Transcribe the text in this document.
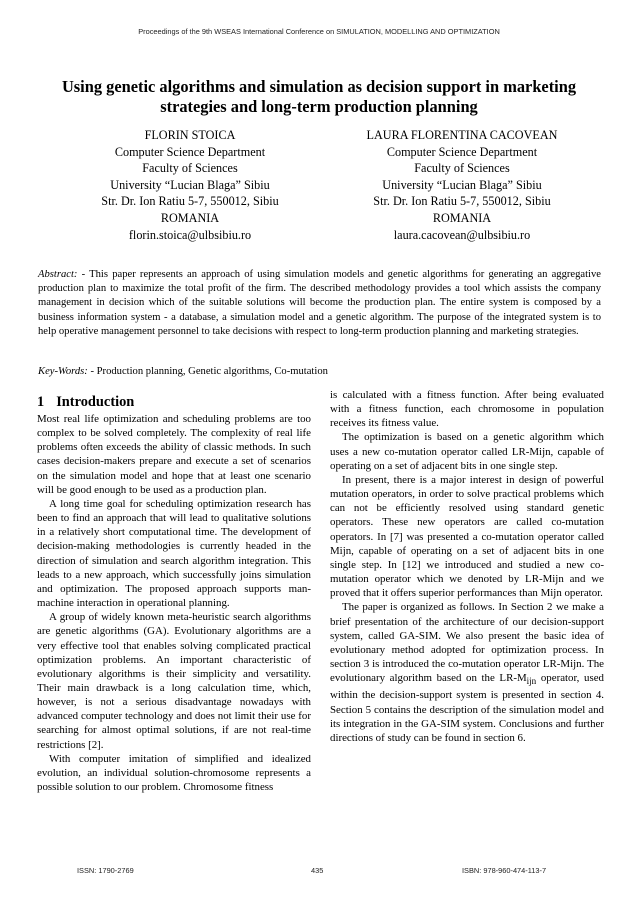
Proceedings of the 9th WSEAS International Conference on SIMULATION, MODELLING AND OPTIMIZATION
Using genetic algorithms and simulation as decision support in marketing strategies and long-term production planning
FLORIN STOICA
Computer Science Department
Faculty of Sciences
University “Lucian Blaga” Sibiu
Str. Dr. Ion Ratiu 5-7, 550012, Sibiu
ROMANIA
florin.stoica@ulbsibiu.ro
LAURA FLORENTINA CACOVEAN
Computer Science Department
Faculty of Sciences
University “Lucian Blaga” Sibiu
Str. Dr. Ion Ratiu 5-7, 550012, Sibiu
ROMANIA
laura.cacovean@ulbsibiu.ro
Abstract: - This paper represents an approach of using simulation models and genetic algorithms for generating an aggregative production plan to maximize the total profit of the firm. The described methodology provides a tool which assists the company management in decision which of the suitable solutions will become the production plan. The entire system is composed by a business information system - a database, a simulation model and a genetic algorithm. The purpose of the integrated system is to help operative management personnel to take decisions with respect to long-term production planning and marketing strategies.
Key-Words: - Production planning, Genetic algorithms, Co-mutation
1 Introduction

Most real life optimization and scheduling problems are too complex to be solved completely. The complexity of real life problems often exceeds the ability of classic methods. In such cases decision-makers prepare and execute a set of scenarios on the simulation model and hope that at least one scenario will be good enough to be used as a production plan.

A long time goal for scheduling optimization research has been to find an approach that will lead to qualitative solutions in a relatively short computational time. The development of decision-making methodologies is currently headed in the direction of simulation and search algorithm integration. This leads to a new approach, which successfully joins simulation and optimization. The proposed approach supports man-machine interaction in operational planning.

A group of widely known meta-heuristic search algorithms are genetic algorithms (GA). Evolutionary algorithms are a very effective tool that enables solving complicated practical optimization problems. An important characteristic of evolutionary algorithms is their simplicity and versatility. Their main drawback is a long calculation time, which, however, is not a serious disadvantage nowadays with advanced computer technology and does not limit their use for searching for almost optimal solutions, if are not real-time restrictions [2].

With computer imitation of simplified and idealized evolution, an individual solution-chromosome represents a possible solution to our problem. Chromosome fitness

is calculated with a fitness function. After being evaluated with a fitness function, each chromosome in population receives its fitness value.

The optimization is based on a genetic algorithm which uses a new co-mutation operator called LR-Mijn, capable of operating on a set of adjacent bits in one single step.

In present, there is a major interest in design of powerful mutation operators, in order to solve practical problems which can not be efficiently resolved using standard genetic operators. These new operators are called co-mutation operators. In [7] was presented a co-mutation operator called Mijn, capable of operating on a set of adjacent bits in one single step. In [12] we introduced and studied a new co-mutation operator which we denoted by LR-Mijn and we proved that it offers superior performances than Mijn operator.

The paper is organized as follows. In Section 2 we make a brief presentation of the architecture of our decision-support system, called GA-SIM. We also present the basic idea of evolutionary method adopted for optimization process. In section 3 is introduced the co-mutation operator LR-Mijn. The evolutionary algorithm based on the $LR-M_{ijn}$ operator, used within the decision-support system is presented in section 4. Section 5 contains the description of the simulation model and its integration in the GA-SIM system. Conclusions and further directions of study can be found in section 6.

ISSN: 1790-2769	435	ISBN: 978-960-474-113-7
